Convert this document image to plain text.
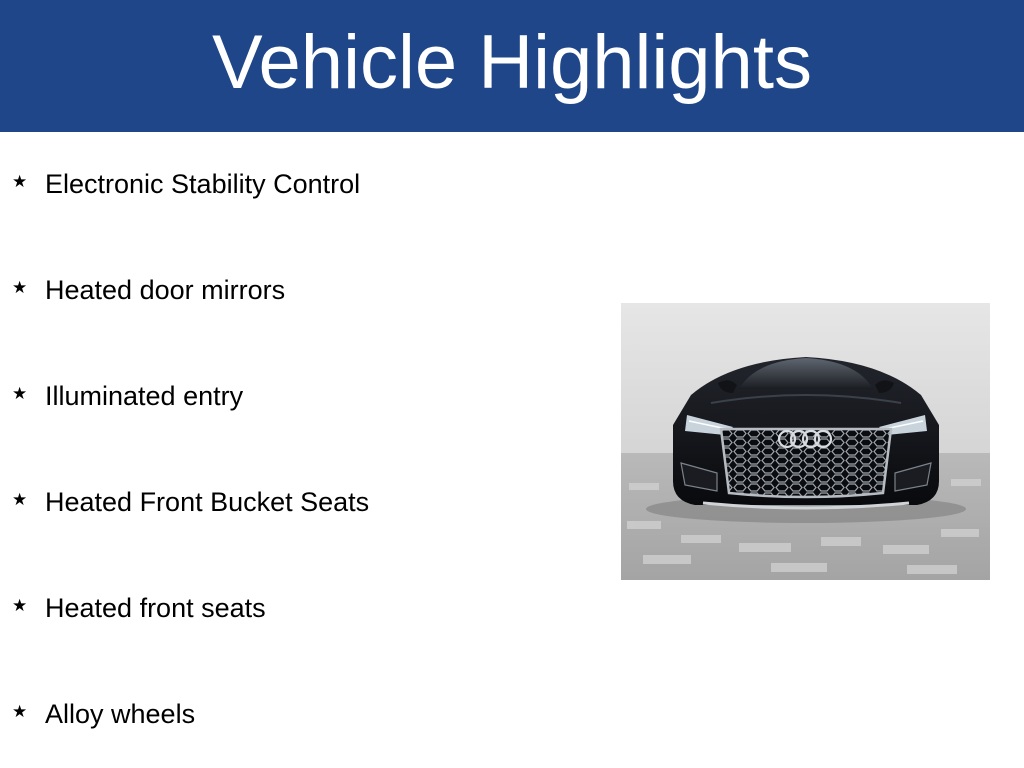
Vehicle Highlights
★ Electronic Stability Control
★ Heated door mirrors
★ Illuminated entry
★ Heated Front Bucket Seats
★ Heated front seats
★ Alloy wheels
